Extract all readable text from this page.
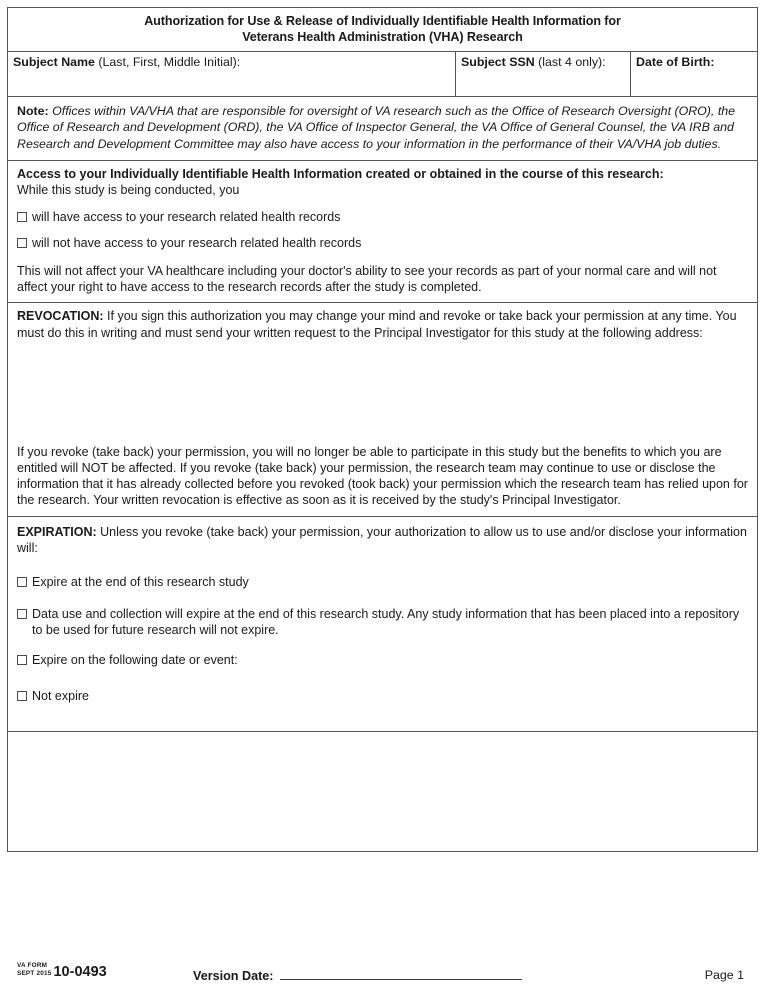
Authorization for Use & Release of Individually Identifiable Health Information for
Veterans Health Administration (VHA) Research
Subject Name (Last, First, Middle Initial):	Subject SSN (last 4 only):	Date of Birth:
Note: Offices within VA/VHA that are responsible for oversight of VA research such as the Office of Research Oversight (ORO), the Office of Research and Development (ORD), the VA Office of Inspector General, the VA Office of General Counsel, the VA IRB and Research and Development Committee may also have access to your information in the performance of their VA/VHA job duties.
Access to your Individually Identifiable Health Information created or obtained in the course of this research:
While this study is being conducted, you
will have access to your research related health records
will not have access to your research related health records
This will not affect your VA healthcare including your doctor's ability to see your records as part of your normal care and will not affect your right to have access to the research records after the study is completed.
REVOCATION: If you sign this authorization you may change your mind and revoke or take back your permission at any time. You must do this in writing and must send your written request to the Principal Investigator for this study at the following address:
If you revoke (take back) your permission, you will no longer be able to participate in this study but the benefits to which you are entitled will NOT be affected. If you revoke (take back) your permission, the research team may continue to use or disclose the information that it has already collected before you revoked (took back) your permission which the research team has relied upon for the research. Your written revocation is effective as soon as it is received by the study's Principal Investigator.
EXPIRATION: Unless you revoke (take back) your permission, your authorization to allow us to use and/or disclose your information will:
Expire at the end of this research study
Data use and collection will expire at the end of this research study. Any study information that has been placed into a repository to be used for future research will not expire.
Expire on the following date or event:
Not expire
VA FORM
SEPT 2015 10-0493	Version Date:	Page 1
